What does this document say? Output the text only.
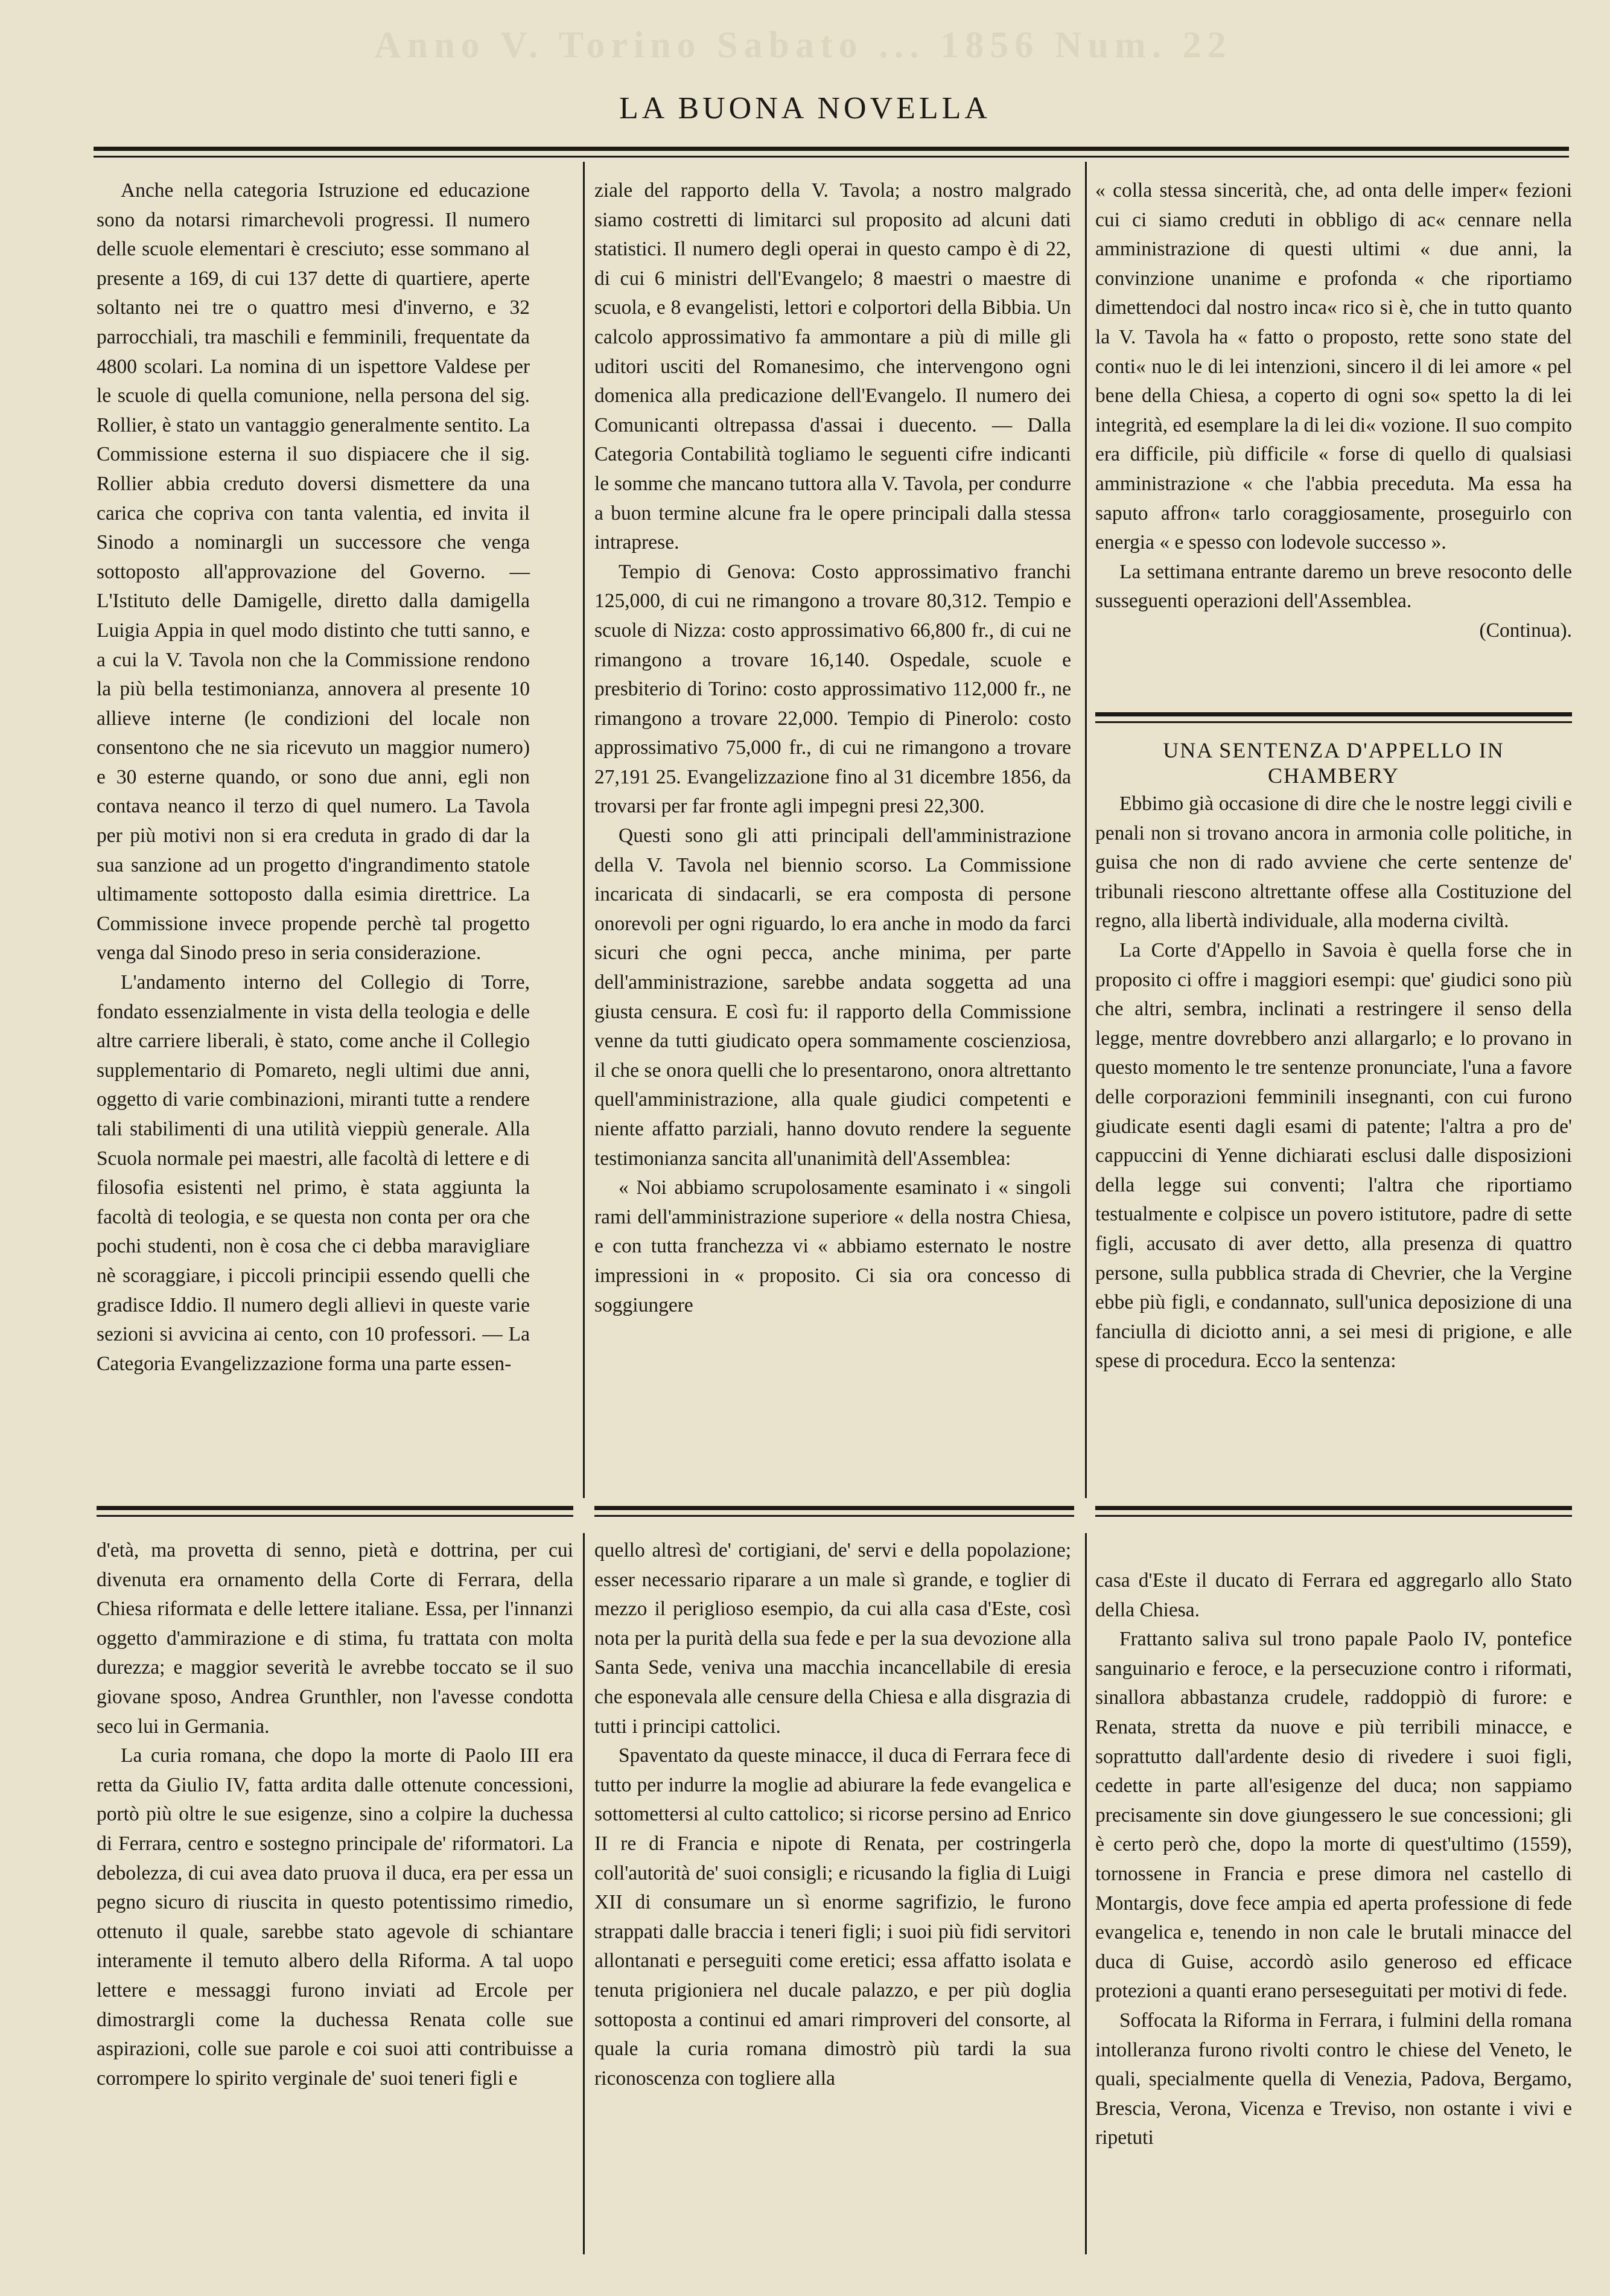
Anno V. Torino Sabato ... 1856 Num. 22
LA BUONA NOVELLA

Anche nella categoria Istruzione ed educazione sono da notarsi rimarchevoli progressi. Il numero delle scuole elementari è cresciuto; esse sommano al presente a 169, di cui 137 dette di quartiere, aperte soltanto nei tre o quattro mesi d'inverno, e 32 parrocchiali, tra maschili e femminili, frequentate da 4800 scolari. La nomina di un ispettore Valdese per le scuole di quella comunione, nella persona del sig. Rollier, è stato un vantaggio generalmente sentito. La Commissione esterna il suo dispiacere che il sig. Rollier abbia creduto doversi dismettere da una carica che copriva con tanta valentia, ed invita il Sinodo a nominargli un successore che venga sottoposto all'approvazione del Governo. — L'Istituto delle Damigelle, diretto dalla damigella Luigia Appia in quel modo distinto che tutti sanno, e a cui la V. Tavola non che la Commissione rendono la più bella testimonianza, annovera al presente 10 allieve interne (le condizioni del locale non consentono che ne sia ricevuto un maggior numero) e 30 esterne quando, or sono due anni, egli non contava neanco il terzo di quel numero. La Tavola per più motivi non si era creduta in grado di dar la sua sanzione ad un progetto d'ingrandimento statole ultimamente sottoposto dalla esimia direttrice. La Commissione invece propende perchè tal progetto venga dal Sinodo preso in seria considerazione.

L'andamento interno del Collegio di Torre, fondato essenzialmente in vista della teologia e delle altre carriere liberali, è stato, come anche il Collegio supplementario di Pomareto, negli ultimi due anni, oggetto di varie combinazioni, miranti tutte a rendere tali stabilimenti di una utilità vieppiù generale. Alla Scuola normale pei maestri, alle facoltà di lettere e di filosofia esistenti nel primo, è stata aggiunta la facoltà di teologia, e se questa non conta per ora che pochi studenti, non è cosa che ci debba maravigliare nè scoraggiare, i piccoli principii essendo quelli che gradisce Iddio. Il numero degli allievi in queste varie sezioni si avvicina ai cento, con 10 professori. — La Categoria Evangelizzazione forma una parte essen-

ziale del rapporto della V. Tavola; a nostro malgrado siamo costretti di limitarci sul proposito ad alcuni dati statistici. Il numero degli operai in questo campo è di 22, di cui 6 ministri dell'Evangelo; 8 maestri o maestre di scuola, e 8 evangelisti, lettori e colportori della Bibbia. Un calcolo approssimativo fa ammontare a più di mille gli uditori usciti del Romanesimo, che intervengono ogni domenica alla predicazione dell'Evangelo. Il numero dei Comunicanti oltrepassa d'assai i duecento. — Dalla Categoria Contabilità togliamo le seguenti cifre indicanti le somme che mancano tuttora alla V. Tavola, per condurre a buon termine alcune fra le opere principali dalla stessa intraprese.

Tempio di Genova: Costo approssimativo franchi 125,000, di cui ne rimangono a trovare 80,312. Tempio e scuole di Nizza: costo approssimativo 66,800 fr., di cui ne rimangono a trovare 16,140. Ospedale, scuole e presbiterio di Torino: costo approssimativo 112,000 fr., ne rimangono a trovare 22,000. Tempio di Pinerolo: costo approssimativo 75,000 fr., di cui ne rimangono a trovare 27,191 25. Evangelizzazione fino al 31 dicembre 1856, da trovarsi per far fronte agli impegni presi 22,300.

Questi sono gli atti principali dell'amministrazione della V. Tavola nel biennio scorso. La Commissione incaricata di sindacarli, se era composta di persone onorevoli per ogni riguardo, lo era anche in modo da farci sicuri che ogni pecca, anche minima, per parte dell'amministrazione, sarebbe andata soggetta ad una giusta censura. E così fu: il rapporto della Commissione venne da tutti giudicato opera sommamente coscienziosa, il che se onora quelli che lo presentarono, onora altrettanto quell'amministrazione, alla quale giudici competenti e niente affatto parziali, hanno dovuto rendere la seguente testimonianza sancita all'unanimità dell'Assemblea:

« Noi abbiamo scrupolosamente esaminato i « singoli rami dell'amministrazione superiore « della nostra Chiesa, e con tutta franchezza vi « abbiamo esternato le nostre impressioni in « proposito. Ci sia ora concesso di soggiungere

« colla stessa sincerità, che, ad onta delle imper« fezioni cui ci siamo creduti in obbligo di ac« cennare nella amministrazione di questi ultimi « due anni, la convinzione unanime e profonda « che riportiamo dimettendoci dal nostro inca« rico si è, che in tutto quanto la V. Tavola ha « fatto o proposto, rette sono state del conti« nuo le di lei intenzioni, sincero il di lei amore « pel bene della Chiesa, a coperto di ogni so« spetto la di lei integrità, ed esemplare la di lei di« vozione. Il suo compito era difficile, più difficile « forse di quello di qualsiasi amministrazione « che l'abbia preceduta. Ma essa ha saputo affron« tarlo coraggiosamente, proseguirlo con energia « e spesso con lodevole successo ».

La settimana entrante daremo un breve resoconto delle susseguenti operazioni dell'Assemblea.

(Continua).
UNA SENTENZA D'APPELLO IN CHAMBERY

Ebbimo già occasione di dire che le nostre leggi civili e penali non si trovano ancora in armonia colle politiche, in guisa che non di rado avviene che certe sentenze de' tribunali riescono altrettante offese alla Costituzione del regno, alla libertà individuale, alla moderna civiltà.

La Corte d'Appello in Savoia è quella forse che in proposito ci offre i maggiori esempi: que' giudici sono più che altri, sembra, inclinati a restringere il senso della legge, mentre dovrebbero anzi allargarlo; e lo provano in questo momento le tre sentenze pronunciate, l'una a favore delle corporazioni femminili insegnanti, con cui furono giudicate esenti dagli esami di patente; l'altra a pro de' cappuccini di Yenne dichiarati esclusi dalle disposizioni della legge sui conventi; l'altra che riportiamo testualmente e colpisce un povero istitutore, padre di sette figli, accusato di aver detto, alla presenza di quattro persone, sulla pubblica strada di Chevrier, che la Vergine ebbe più figli, e condannato, sull'unica deposizione di una fanciulla di diciotto anni, a sei mesi di prigione, e alle spese di procedura. Ecco la sentenza:

d'età, ma provetta di senno, pietà e dottrina, per cui divenuta era ornamento della Corte di Ferrara, della Chiesa riformata e delle lettere italiane. Essa, per l'innanzi oggetto d'ammirazione e di stima, fu trattata con molta durezza; e maggior severità le avrebbe toccato se il suo giovane sposo, Andrea Grunthler, non l'avesse condotta seco lui in Germania.

La curia romana, che dopo la morte di Paolo III era retta da Giulio IV, fatta ardita dalle ottenute concessioni, portò più oltre le sue esigenze, sino a colpire la duchessa di Ferrara, centro e sostegno principale de' riformatori. La debolezza, di cui avea dato pruova il duca, era per essa un pegno sicuro di riuscita in questo potentissimo rimedio, ottenuto il quale, sarebbe stato agevole di schiantare interamente il temuto albero della Riforma. A tal uopo lettere e messaggi furono inviati ad Ercole per dimostrargli come la duchessa Renata colle sue aspirazioni, colle sue parole e coi suoi atti contribuisse a corrompere lo spirito verginale de' suoi teneri figli e

quello altresì de' cortigiani, de' servi e della popolazione; esser necessario riparare a un male sì grande, e toglier di mezzo il periglioso esempio, da cui alla casa d'Este, così nota per la purità della sua fede e per la sua devozione alla Santa Sede, veniva una macchia incancellabile di eresia che esponevala alle censure della Chiesa e alla disgrazia di tutti i principi cattolici.

Spaventato da queste minacce, il duca di Ferrara fece di tutto per indurre la moglie ad abiurare la fede evangelica e sottomettersi al culto cattolico; si ricorse persino ad Enrico II re di Francia e nipote di Renata, per costringerla coll'autorità de' suoi consigli; e ricusando la figlia di Luigi XII di consumare un sì enorme sagrifizio, le furono strappati dalle braccia i teneri figli; i suoi più fidi servitori allontanati e perseguiti come eretici; essa affatto isolata e tenuta prigioniera nel ducale palazzo, e per più doglia sottoposta a continui ed amari rimproveri del consorte, al quale la curia romana dimostrò più tardi la sua riconoscenza con togliere alla

casa d'Este il ducato di Ferrara ed aggregarlo allo Stato della Chiesa.

Frattanto saliva sul trono papale Paolo IV, pontefice sanguinario e feroce, e la persecuzione contro i riformati, sinallora abbastanza crudele, raddoppiò di furore: e Renata, stretta da nuove e più terribili minacce, e soprattutto dall'ardente desio di rivedere i suoi figli, cedette in parte all'esigenze del duca; non sappiamo precisamente sin dove giungessero le sue concessioni; gli è certo però che, dopo la morte di quest'ultimo (1559), tornossene in Francia e prese dimora nel castello di Montargis, dove fece ampia ed aperta professione di fede evangelica e, tenendo in non cale le brutali minacce del duca di Guise, accordò asilo generoso ed efficace protezioni a quanti erano perseseguitati per motivi di fede.

Soffocata la Riforma in Ferrara, i fulmini della romana intolleranza furono rivolti contro le chiese del Veneto, le quali, specialmente quella di Venezia, Padova, Bergamo, Brescia, Verona, Vicenza e Treviso, non ostante i vivi e ripetuti
